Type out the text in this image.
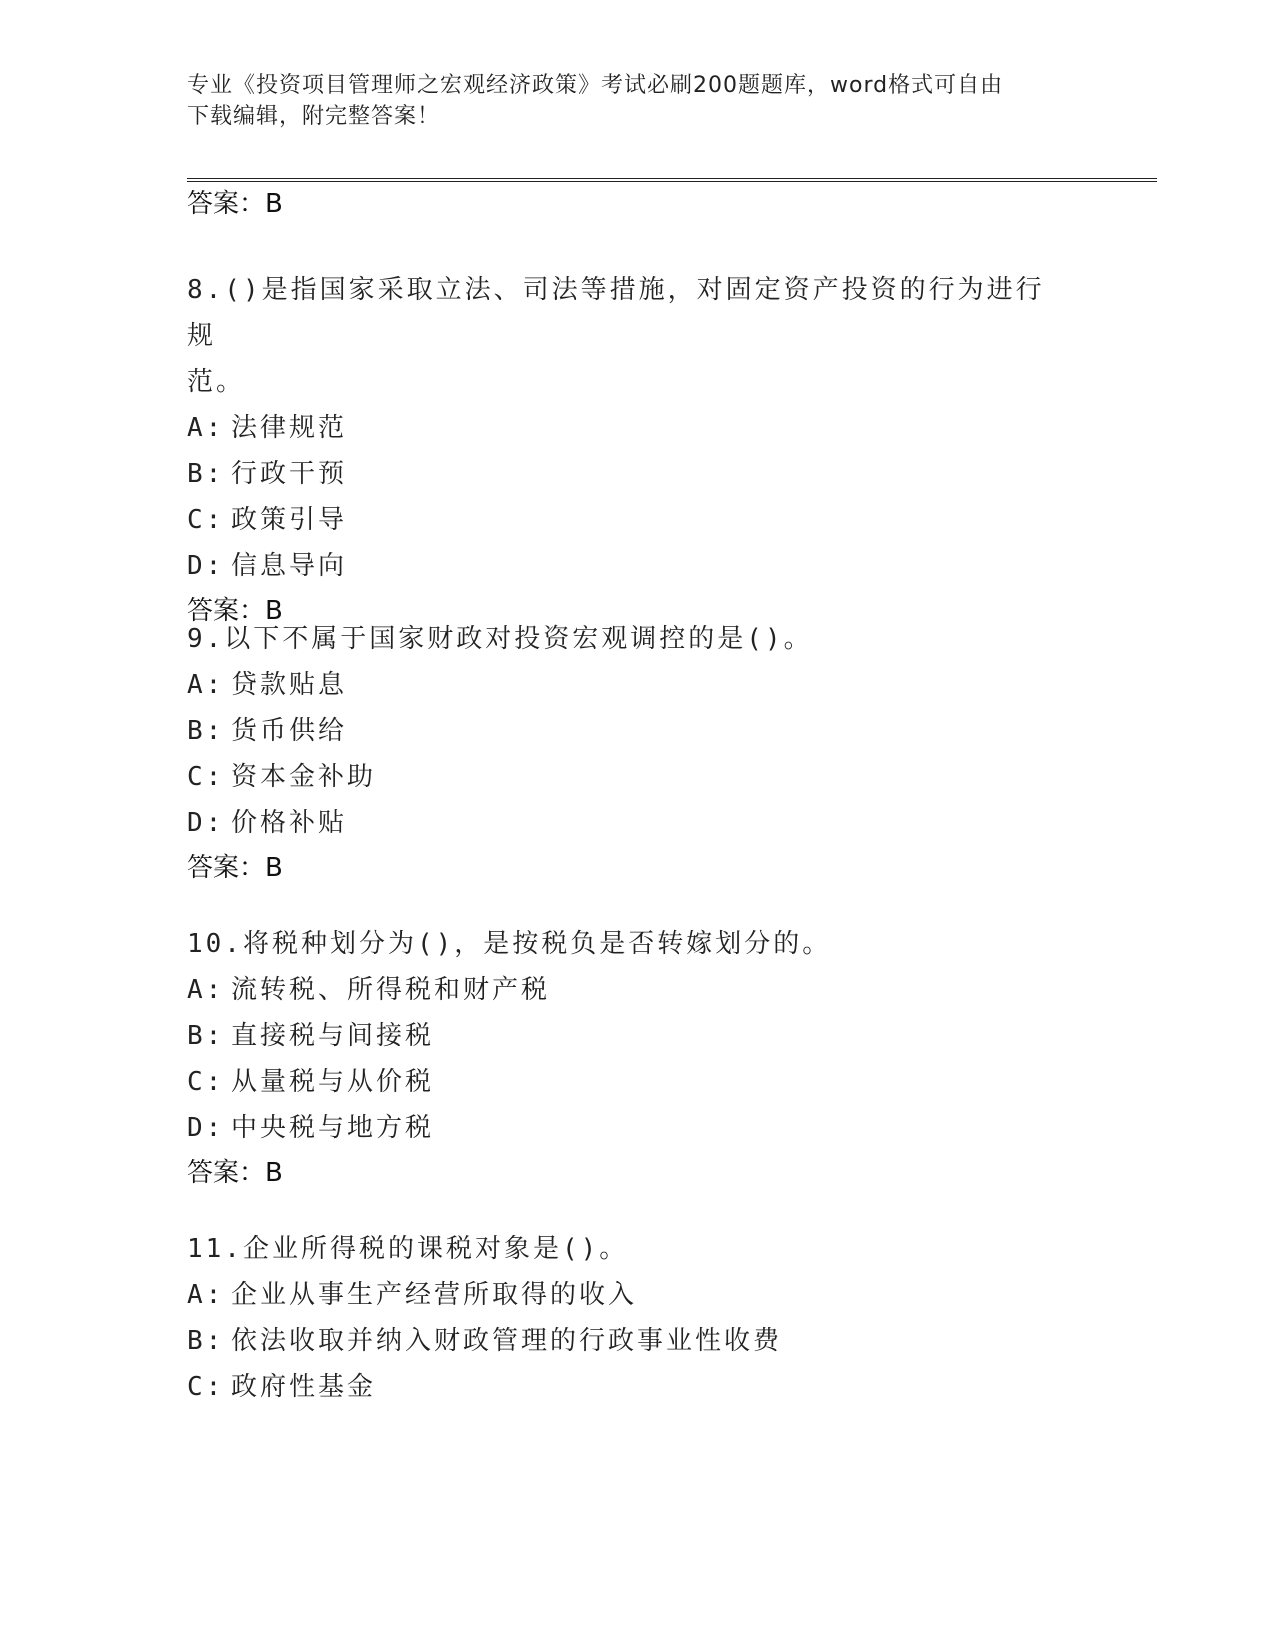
专业《投资项目管理师之宏观经济政策》考试必刷200题题库，word格式可自由
下载编辑，附完整答案！
答案：B
8.()是指国家采取立法、司法等措施，对固定资产投资的行为进行规
范。
A: 法律规范
B: 行政干预
C: 政策引导
D: 信息导向
答案：B
9.以下不属于国家财政对投资宏观调控的是()。
A: 贷款贴息
B: 货币供给
C: 资本金补助
D: 价格补贴
答案：B
10.将税种划分为()，是按税负是否转嫁划分的。
A: 流转税、所得税和财产税
B: 直接税与间接税
C: 从量税与从价税
D: 中央税与地方税
答案：B
11.企业所得税的课税对象是()。
A: 企业从事生产经营所取得的收入
B: 依法收取并纳入财政管理的行政事业性收费
C: 政府性基金
